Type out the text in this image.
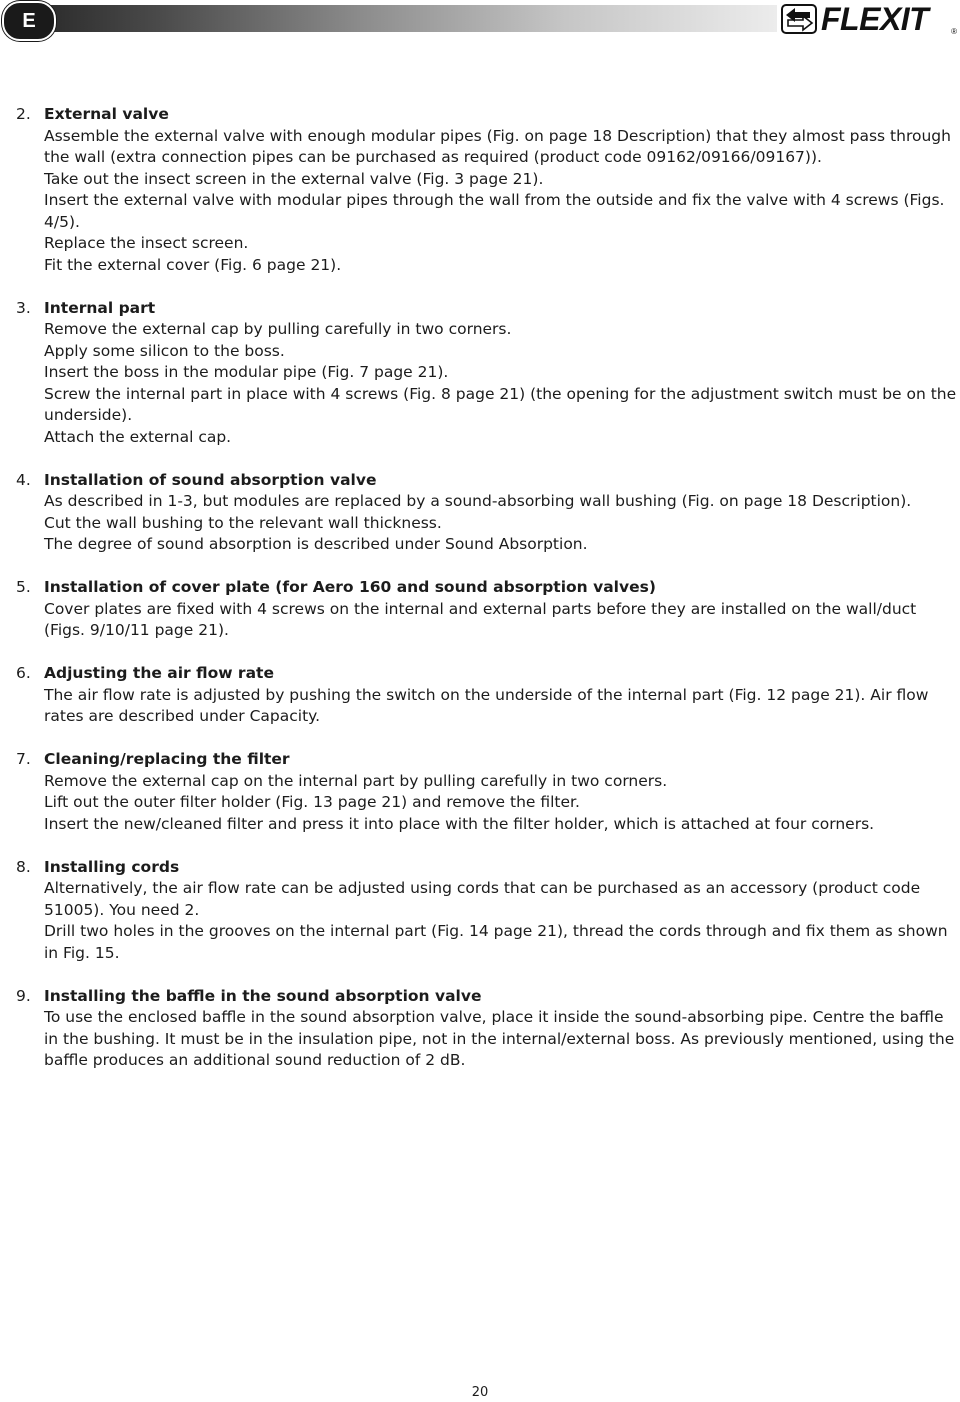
E	FLEXIT	®
2. External valve
Assemble the external valve with enough modular pipes (Fig. on page 18 Description) that they almost pass through the wall (extra connection pipes can be purchased as required (product code 09162/09166/09167)).
Take out the insect screen in the external valve (Fig. 3 page 21).
Insert the external valve with modular pipes through the wall from the outside and fix the valve with 4 screws (Figs. 4/5).
Replace the insect screen.
Fit the external cover (Fig. 6 page 21).
3. Internal part
Remove the external cap by pulling carefully in two corners.
Apply some silicon to the boss.
Insert the boss in the modular pipe (Fig. 7 page 21).
Screw the internal part in place with 4 screws (Fig. 8 page 21) (the opening for the adjustment switch must be on the underside).
Attach the external cap.
4. Installation of sound absorption valve
As described in 1-3, but modules are replaced by a sound-absorbing wall bushing (Fig. on page 18 Description).
Cut the wall bushing to the relevant wall thickness.
The degree of sound absorption is described under Sound Absorption.
5. Installation of cover plate (for Aero 160 and sound absorption valves)
Cover plates are fixed with 4 screws on the internal and external parts before they are installed on the wall/duct (Figs. 9/10/11 page 21).
6. Adjusting the air flow rate
The air flow rate is adjusted by pushing the switch on the underside of the internal part (Fig. 12 page 21). Air flow rates are described under Capacity.
7. Cleaning/replacing the filter
Remove the external cap on the internal part by pulling carefully in two corners.
Lift out the outer filter holder (Fig. 13 page 21) and remove the filter.
Insert the new/cleaned filter and press it into place with the filter holder, which is attached at four corners.
8. Installing cords
Alternatively, the air flow rate can be adjusted using cords that can be purchased as an accessory (product code 51005). You need 2.
Drill two holes in the grooves on the internal part (Fig. 14 page 21), thread the cords through and fix them as shown in Fig. 15.
9. Installing the baffle in the sound absorption valve
To use the enclosed baffle in the sound absorption valve, place it inside the sound-absorbing pipe. Centre the baffle in the bushing. It must be in the insulation pipe, not in the internal/external boss. As previously mentioned, using the baffle produces an additional sound reduction of 2 dB.
20
